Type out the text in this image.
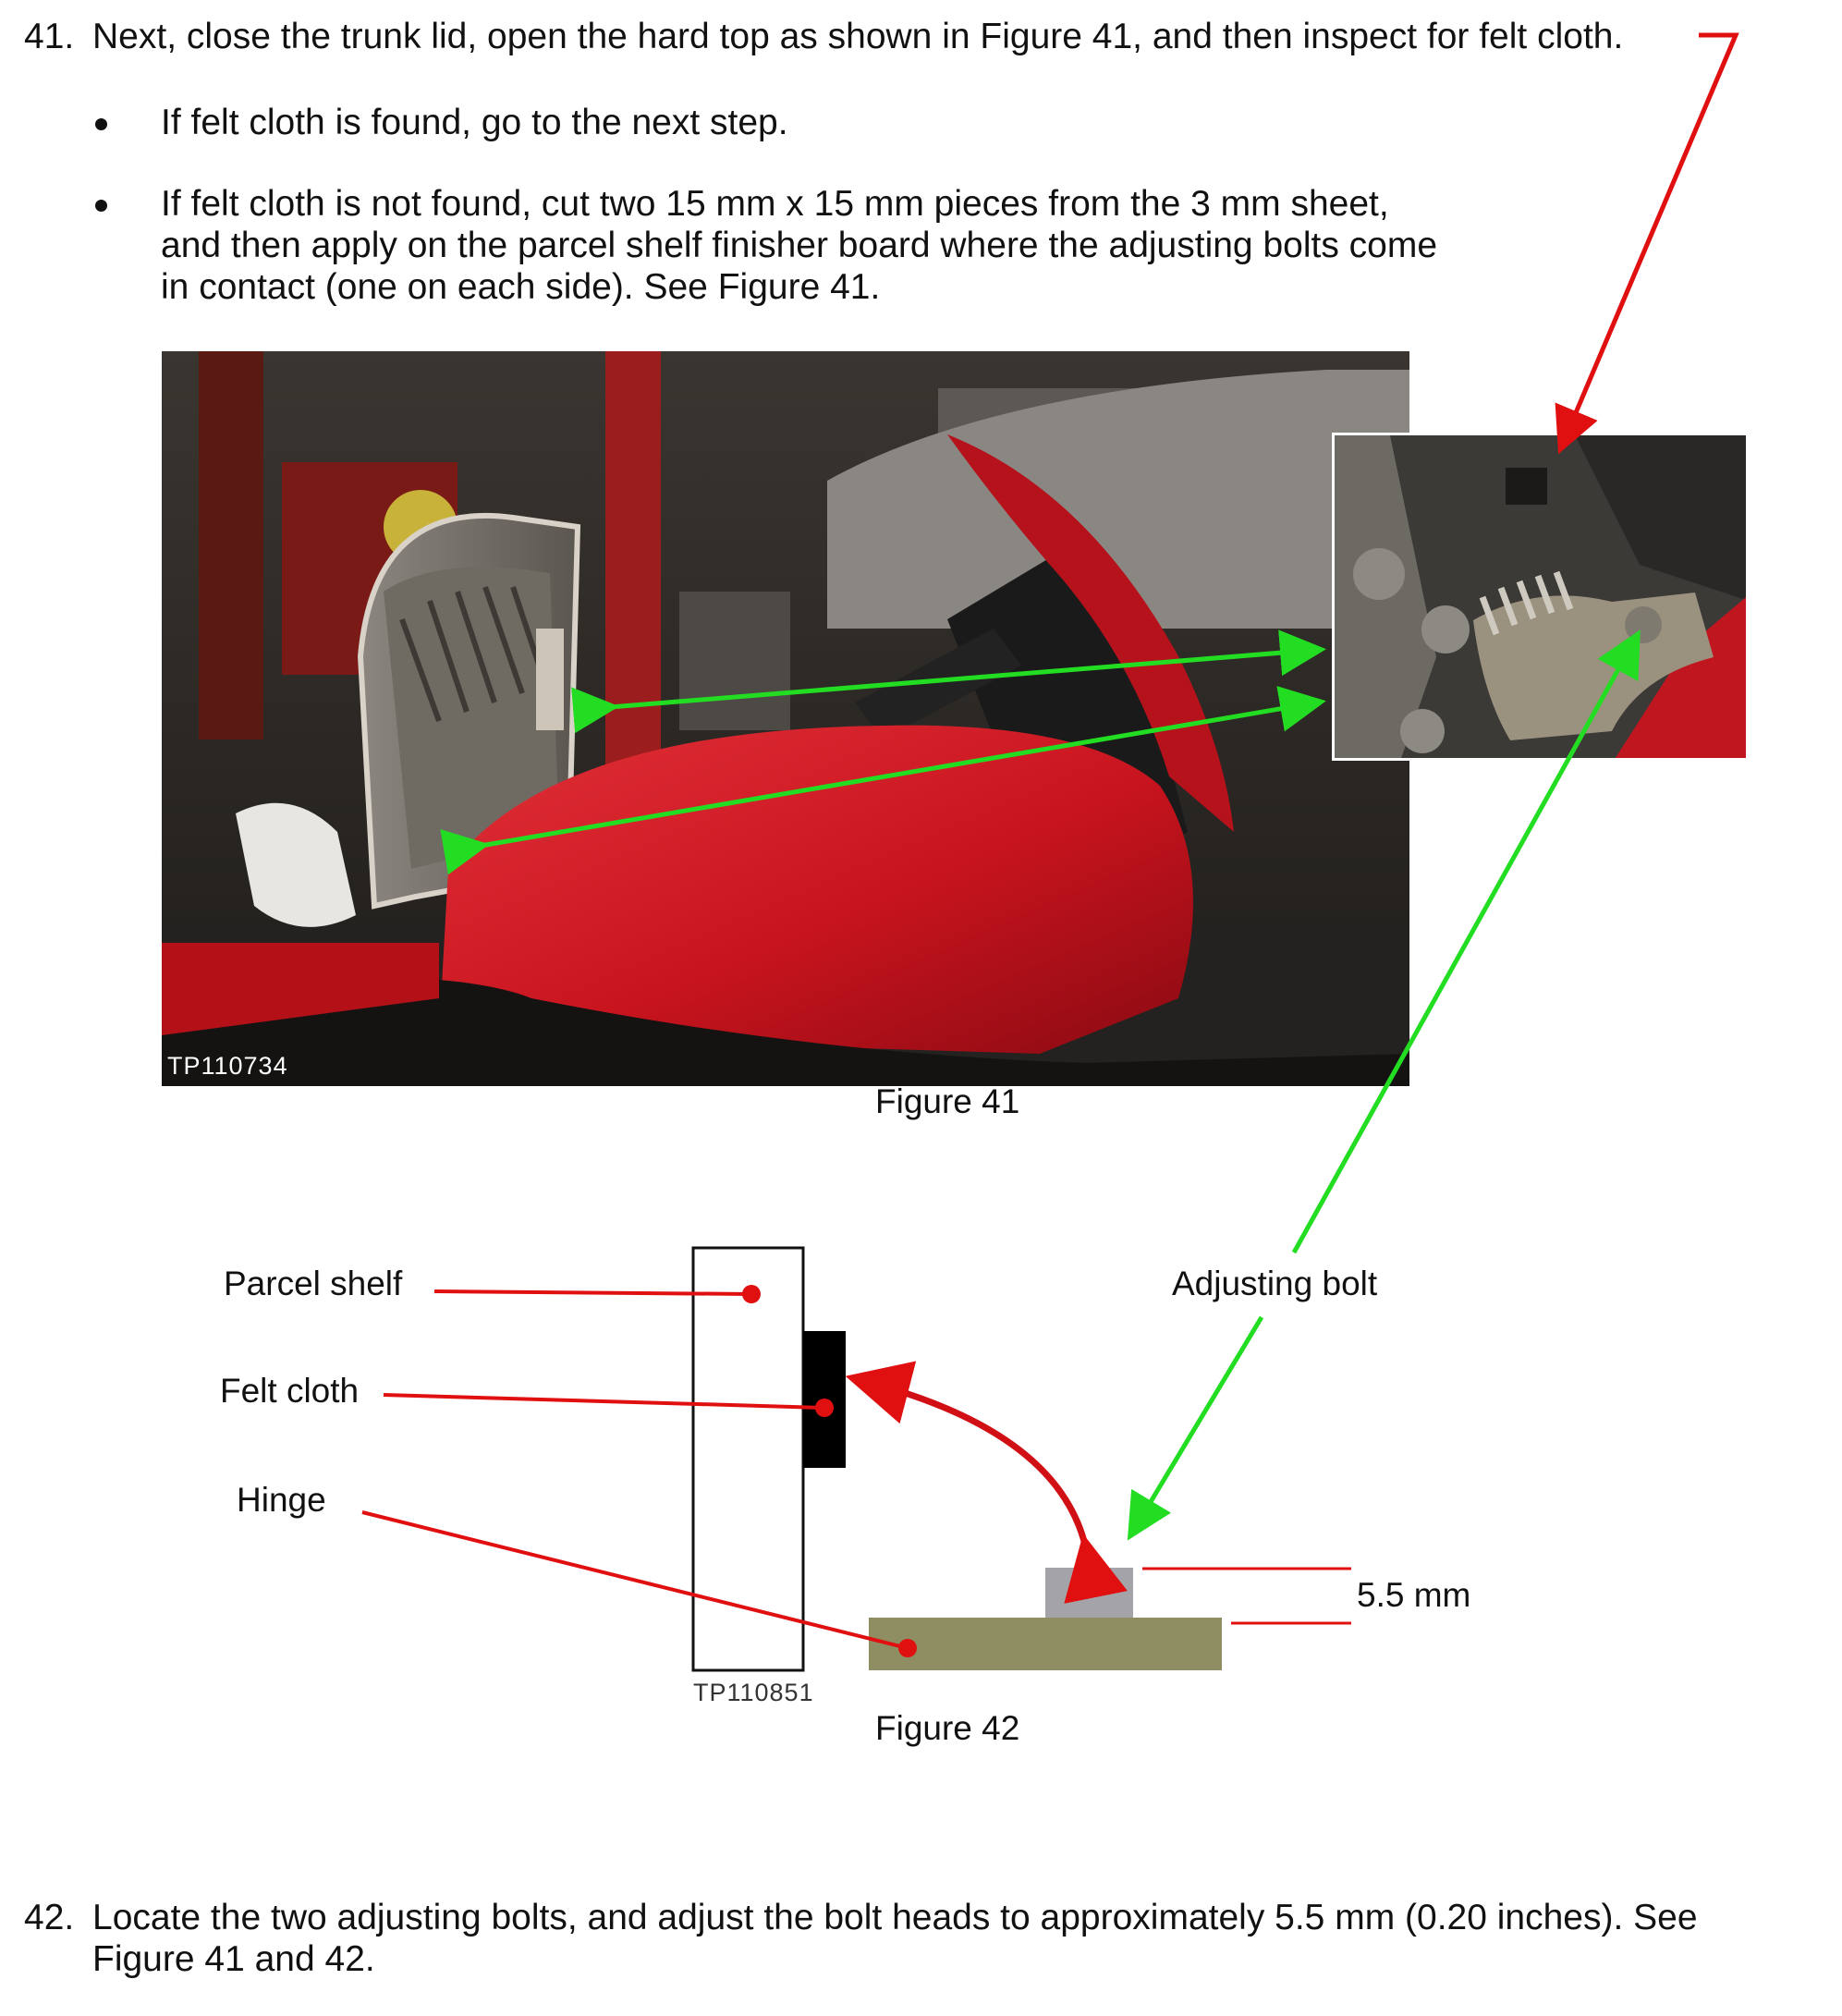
41. Next, close the trunk lid, open the hard top as shown in Figure 41, and then inspect for felt cloth.
If felt cloth is found, go to the next step.
If felt cloth is not found, cut two 15 mm x 15 mm pieces from the 3 mm sheet,
and then apply on the parcel shelf finisher board where the adjusting bolts come
in contact (one on each side). See Figure 41.
TP110734
Figure 41
Parcel shelf
Felt cloth
Hinge
Adjusting bolt
5.5 mm
TP110851
Figure 42
42. Locate the two adjusting bolts, and adjust the bolt heads to approximately 5.5 mm (0.20 inches). See
Figure 41 and 42.
